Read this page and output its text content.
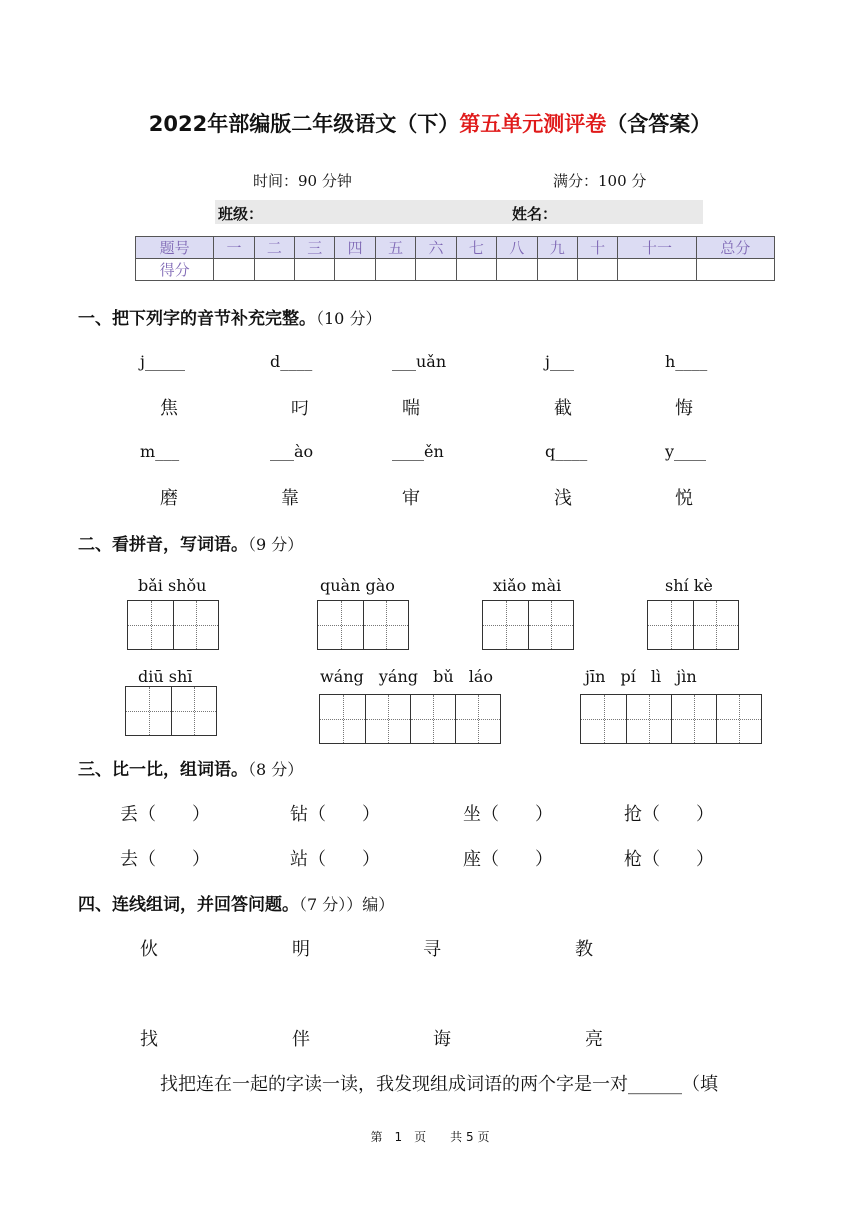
2022年部编版二年级语文（下）第五单元测评卷（含答案）
时间：90 分钟	满分：100 分
班级：	姓名：
题号	一	二	三	四	五	六	七	八	九	十	十一	总分
得分												
一、把下列字的音节补充完整。（10 分）
j_____	d____	___uǎn	j___	h____
焦	叼	喘	截	悔
m___	___ào	____ěn	q____	y____
磨	靠	审	浅	悦
二、看拼音，写词语。（9 分）
bǎi shǒu	quàn gào	xiǎo mài	shí kè
diū shī	wáng yáng bǔ láo	jīn pí lì jìn
三、比一比，组词语。（8 分）
丢（　　）	钻（　　）	坐（　　）	抢（　　）
去（　　）	站（　　）	座（　　）	枪（　　）
四、连线组词，并回答问题。（7 分））编）
伙	明	寻	教
找	伴	诲	亮
找把连在一起的字读一读，我发现组成词语的两个字是一对______（填
第　1　页　　共 5 页
